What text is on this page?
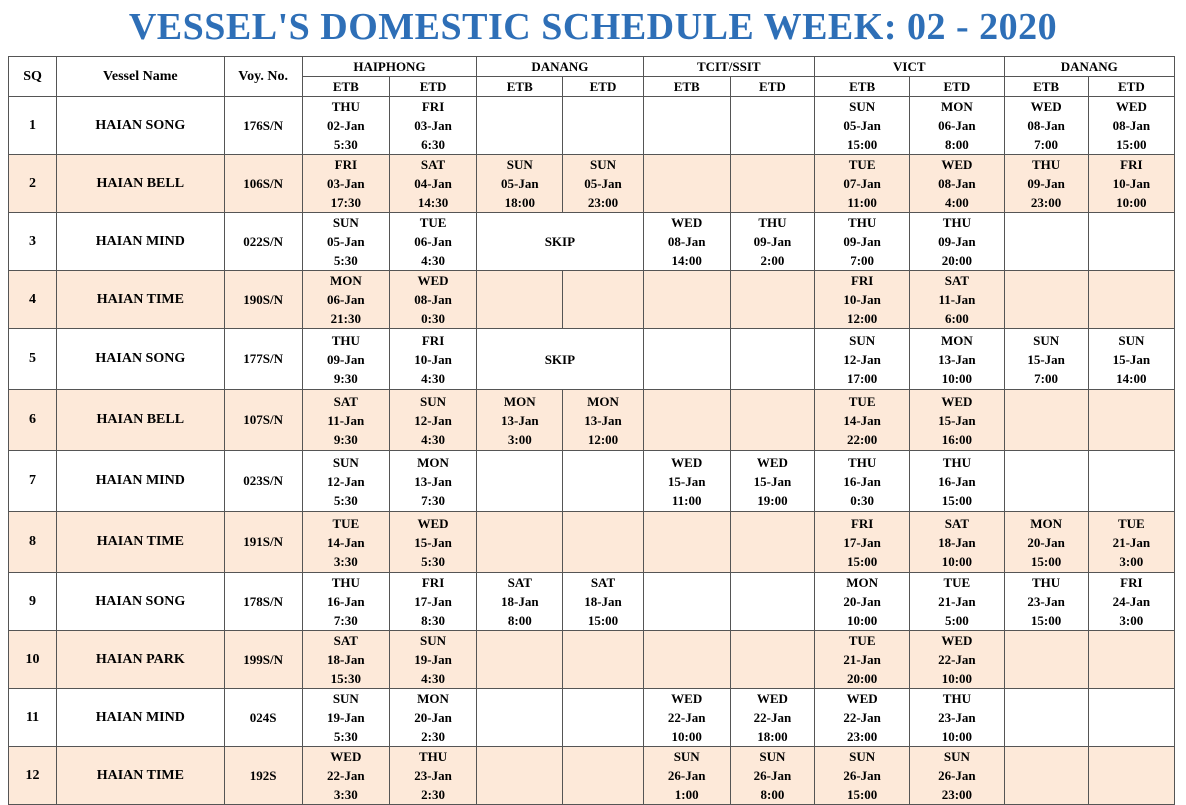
VESSEL'S DOMESTIC SCHEDULE WEEK: 02 - 2020
SQ	Vessel Name	Voy. No.	HAIPHONG		DANANG		TCIT/SSIT		VICT		DANANG	
			ETB	ETD	ETB	ETD	ETB	ETD	ETB	ETD	ETB	ETD
1	HAIAN SONG	176S/N	THU
02-Jan
5:30	FRI
03-Jan
6:30					SUN
05-Jan
15:00	MON
06-Jan
8:00	WED
08-Jan
7:00	WED
08-Jan
15:00

2	HAIAN BELL	106S/N	FRI
03-Jan
17:30	SAT
04-Jan
14:30	SUN
05-Jan
18:00	SUN
05-Jan
23:00			TUE
07-Jan
11:00	WED
08-Jan
4:00	THU
09-Jan
23:00	FRI
10-Jan
10:00

3	HAIAN MIND	022S/N	SUN
05-Jan
5:30	TUE
06-Jan
4:30	SKIP		WED
08-Jan
14:00	THU
09-Jan
2:00	THU
09-Jan
7:00	THU
09-Jan
20:00		

4	HAIAN TIME	190S/N	MON
06-Jan
21:30	WED
08-Jan
0:30					FRI
10-Jan
12:00	SAT
11-Jan
6:00		

5	HAIAN SONG	177S/N	THU
09-Jan
9:30	FRI
10-Jan
4:30	SKIP				SUN
12-Jan
17:00	MON
13-Jan
10:00	SUN
15-Jan
7:00	SUN
15-Jan
14:00

6	HAIAN BELL	107S/N	SAT
11-Jan
9:30	SUN
12-Jan
4:30	MON
13-Jan
3:00	MON
13-Jan
12:00			TUE
14-Jan
22:00	WED
15-Jan
16:00		

7	HAIAN MIND	023S/N	SUN
12-Jan
5:30	MON
13-Jan
7:30			WED
15-Jan
11:00	WED
15-Jan
19:00	THU
16-Jan
0:30	THU
16-Jan
15:00		

8	HAIAN TIME	191S/N	TUE
14-Jan
3:30	WED
15-Jan
5:30					FRI
17-Jan
15:00	SAT
18-Jan
10:00	MON
20-Jan
15:00	TUE
21-Jan
3:00

9	HAIAN SONG	178S/N	THU
16-Jan
7:30	FRI
17-Jan
8:30	SAT
18-Jan
8:00	SAT
18-Jan
15:00			MON
20-Jan
10:00	TUE
21-Jan
5:00	THU
23-Jan
15:00	FRI
24-Jan
3:00

10	HAIAN PARK	199S/N	SAT
18-Jan
15:30	SUN
19-Jan
4:30					TUE
21-Jan
20:00	WED
22-Jan
10:00		

11	HAIAN MIND	024S	SUN
19-Jan
5:30	MON
20-Jan
2:30			WED
22-Jan
10:00	WED
22-Jan
18:00	WED
22-Jan
23:00	THU
23-Jan
10:00		

12	HAIAN TIME	192S	WED
22-Jan
3:30	THU
23-Jan
2:30			SUN
26-Jan
1:00	SUN
26-Jan
8:00	SUN
26-Jan
15:00	SUN
26-Jan
23:00		
